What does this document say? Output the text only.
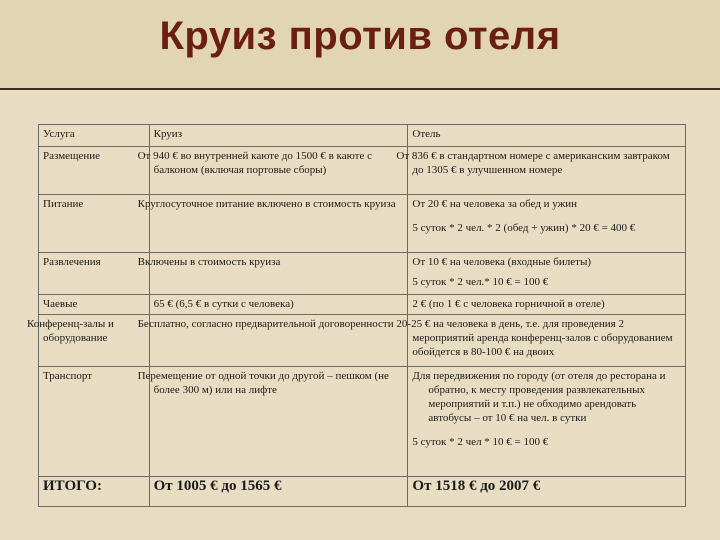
Круиз против отеля
Услуга	Круиз	Отель
Размещение	От 940 € во внутренней каюте до 1500 € в каюте с балконом (включая портовые сборы)	От 836 € в стандартном номере с американским завтраком до 1305 € в улучшенном номере
Питание	Круглосуточное питание включено в стоимость круиза	От 20 € на человека за обед и ужин
5 суток * 2 чел. * 2 (обед + ужин) * 20 € = 400 €

Развлечения	Включены в стоимость круиза	От 10 € на человека (входные билеты)
5 суток * 2 чел.* 10 € = 100 €

Чаевые	65 € (6,5 € в сутки с человека)	2 € (по 1 € с человека горничной в отеле)
Конференц-залы и оборудование	Бесплатно, согласно предварительной договоренности	20-25 € на человека в день, т.е. для проведения 2 мероприятий аренда конференц-залов с оборудованием обойдется в 80-100 € на двоих
Транспорт	Перемещение от одной точки до другой – пешком (не более 300 м) или на лифте	Для передвижения по городу (от отеля до ресторана и обратно, к месту проведения развлекательных мероприятий и т.п.) не обходимо арендовать автобусы – от 10 € на чел. в сутки
5 суток * 2 чел * 10 € = 100 €

ИТОГО:	От 1005 € до 1565 €	От 1518 € до 2007 €
